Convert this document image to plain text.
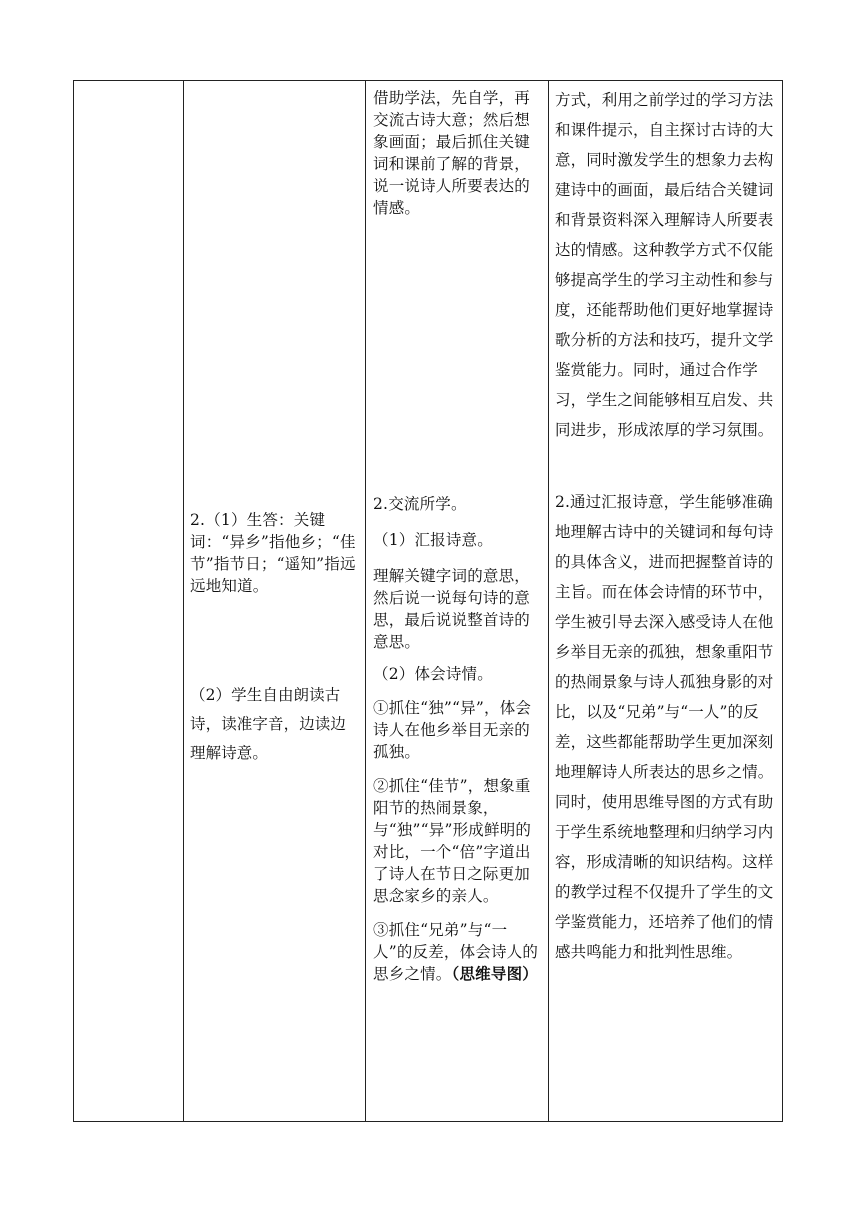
2.（1）生答：关键词：“异乡”指他乡；“佳节”指节日；“遥知”指远远地知道。

（2）学生自由朗读古诗，读准字音，边读边理解诗意。

借助学法，先自学，再交流古诗大意；然后想象画面；最后抓住关键词和课前了解的背景，说一说诗人所要表达的情感。

2.交流所学。

（1）汇报诗意。

理解关键字词的意思，然后说一说每句诗的意思，最后说说整首诗的意思。

（2）体会诗情。

①抓住“独”“异”，体会诗人在他乡举目无亲的孤独。

②抓住“佳节”，想象重阳节的热闹景象，与“独”“异”形成鲜明的对比，一个“倍”字道出了诗人在节日之际更加思念家乡的亲人。

③抓住“兄弟”与“一人”的反差，体会诗人的思乡之情。（思维导图）

方式，利用之前学过的学习方法和课件提示，自主探讨古诗的大意，同时激发学生的想象力去构建诗中的画面，最后结合关键词和背景资料深入理解诗人所要表达的情感。这种教学方式不仅能够提高学生的学习主动性和参与度，还能帮助他们更好地掌握诗歌分析的方法和技巧，提升文学鉴赏能力。同时，通过合作学习，学生之间能够相互启发、共同进步，形成浓厚的学习氛围。

2.通过汇报诗意，学生能够准确地理解古诗中的关键词和每句诗的具体含义，进而把握整首诗的主旨。而在体会诗情的环节中，学生被引导去深入感受诗人在他乡举目无亲的孤独，想象重阳节的热闹景象与诗人孤独身影的对比，以及“兄弟”与“一人”的反差，这些都能帮助学生更加深刻地理解诗人所表达的思乡之情。同时，使用思维导图的方式有助于学生系统地整理和归纳学习内容，形成清晰的知识结构。这样的教学过程不仅提升了学生的文学鉴赏能力，还培养了他们的情感共鸣能力和批判性思维。
